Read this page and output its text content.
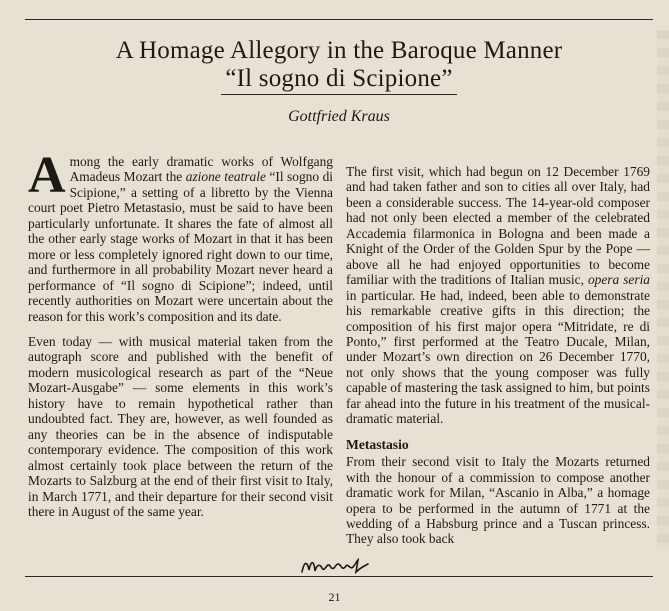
A Homage Allegory in the Baroque Manner
“Il sogno di Scipione”
Gottfried Kraus

Among the early dramatic works of Wolfgang Amadeus Mozart the azione teatrale “Il sogno di Scipione,” a setting of a libretto by the Vienna court poet Pietro Metastasio, must be said to have been particularly unfortunate. It shares the fate of almost all the other early stage works of Mozart in that it has been more or less completely ignored right down to our time, and furthermore in all probability Mozart never heard a performance of “Il sogno di Scipione”; indeed, until recently authorities on Mozart were uncertain about the reason for this work’s composition and its date.

Even today — with musical material taken from the autograph score and published with the benefit of modern musicological research as part of the “Neue Mozart-Ausgabe” — some elements in this work’s history have to remain hypothetical rather than undoubted fact. They are, however, as well founded as any theories can be in the absence of indisputable contemporary evidence. The composition of this work almost certainly took place between the return of the Mozarts to Salzburg at the end of their first visit to Italy, in March 1771, and their departure for their second visit there in August of the same year.

The first visit, which had begun on 12 December 1769 and had taken father and son to cities all over Italy, had been a considerable success. The 14-year-old composer had not only been elected a member of the celebrated Accademia filarmonica in Bologna and been made a Knight of the Order of the Golden Spur by the Pope — above all he had enjoyed opportunities to become familiar with the traditions of Italian music, opera seria in particular. He had, indeed, been able to demonstrate his remarkable creative gifts in this direction; the composition of his first major opera “Mitridate, re di Ponto,” first performed at the Teatro Ducale, Milan, under Mozart’s own direction on 26 December 1770, not only shows that the young composer was fully capable of mastering the task assigned to him, but points far ahead into the future in his treatment of the musical-dramatic material.

Metastasio

From their second visit to Italy the Mozarts returned with the honour of a commission to compose another dramatic work for Milan, “Ascanio in Alba,” a homage opera to be performed in the autumn of 1771 at the wedding of a Habsburg prince and a Tuscan princess. They also took back

21
